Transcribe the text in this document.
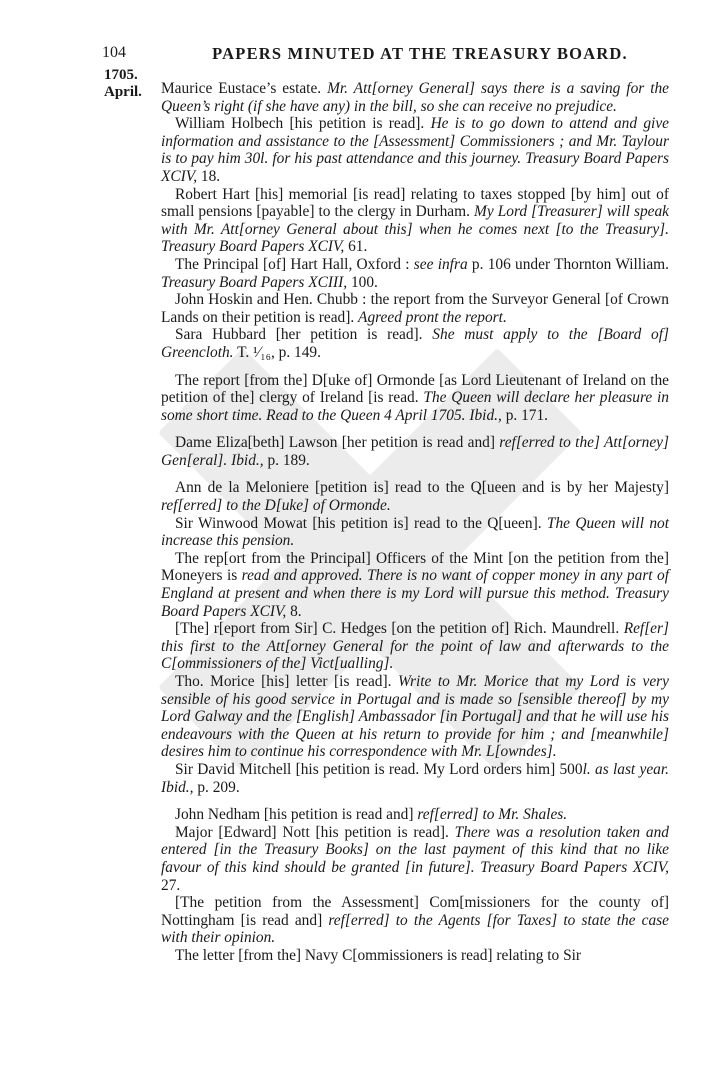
104	PAPERS MINUTED AT THE TREASURY BOARD.
1705.
April. Maurice Eustace’s estate. Mr. Att[orney General] says there is a saving for the Queen’s right (if she have any) in the bill, so she can receive no prejudice.

William Holbech [his petition is read]. He is to go down to attend and give information and assistance to the [Assessment] Commissioners ; and Mr. Taylour is to pay him 30l. for his past attendance and this journey. Treasury Board Papers XCIV, 18.

Robert Hart [his] memorial [is read] relating to taxes stopped [by him] out of small pensions [payable] to the clergy in Durham. My Lord [Treasurer] will speak with Mr. Att[orney General about this] when he comes next [to the Treasury]. Treasury Board Papers XCIV, 61.

The Principal [of] Hart Hall, Oxford : see infra p. 106 under Thornton William. Treasury Board Papers XCIII, 100.

John Hoskin and Hen. Chubb : the report from the Surveyor General [of Crown Lands on their petition is read]. Agreed pront the report.

Sara Hubbard [her petition is read]. She must apply to the [Board of] Greencloth. T. ¹⁄₁₆, p. 149.

The report [from the] D[uke of] Ormonde [as Lord Lieutenant of Ireland on the petition of the] clergy of Ireland [is read. The Queen will declare her pleasure in some short time. Read to the Queen 4 April 1705. Ibid., p. 171.

Dame Eliza[beth] Lawson [her petition is read and] ref[erred to the] Att[orney] Gen[eral]. Ibid., p. 189.

Ann de la Meloniere [petition is] read to the Q[ueen and is by her Majesty] ref[erred] to the D[uke] of Ormonde.

Sir Winwood Mowat [his petition is] read to the Q[ueen]. The Queen will not increase this pension.

The rep[ort from the Principal] Officers of the Mint [on the petition from the] Moneyers is read and approved. There is no want of copper money in any part of England at present and when there is my Lord will pursue this method. Treasury Board Papers XCIV, 8.

[The] r[eport from Sir] C. Hedges [on the petition of] Rich. Maundrell. Ref[er] this first to the Att[orney General for the point of law and afterwards to the C[ommissioners of the] Vict[ualling].

Tho. Morice [his] letter [is read]. Write to Mr. Morice that my Lord is very sensible of his good service in Portugal and is made so [sensible thereof] by my Lord Galway and the [English] Ambassador [in Portugal] and that he will use his endeavours with the Queen at his return to provide for him ; and [meanwhile] desires him to continue his correspondence with Mr. L[owndes].

Sir David Mitchell [his petition is read. My Lord orders him] 500l. as last year. Ibid., p. 209.

John Nedham [his petition is read and] ref[erred] to Mr. Shales.

Major [Edward] Nott [his petition is read]. There was a resolution taken and entered [in the Treasury Books] on the last payment of this kind that no like favour of this kind should be granted [in future]. Treasury Board Papers XCIV, 27.

[The petition from the Assessment] Com[missioners for the county of] Nottingham [is read and] ref[erred] to the Agents [for Taxes] to state the case with their opinion.

The letter [from the] Navy C[ommissioners is read] relating to Sir
